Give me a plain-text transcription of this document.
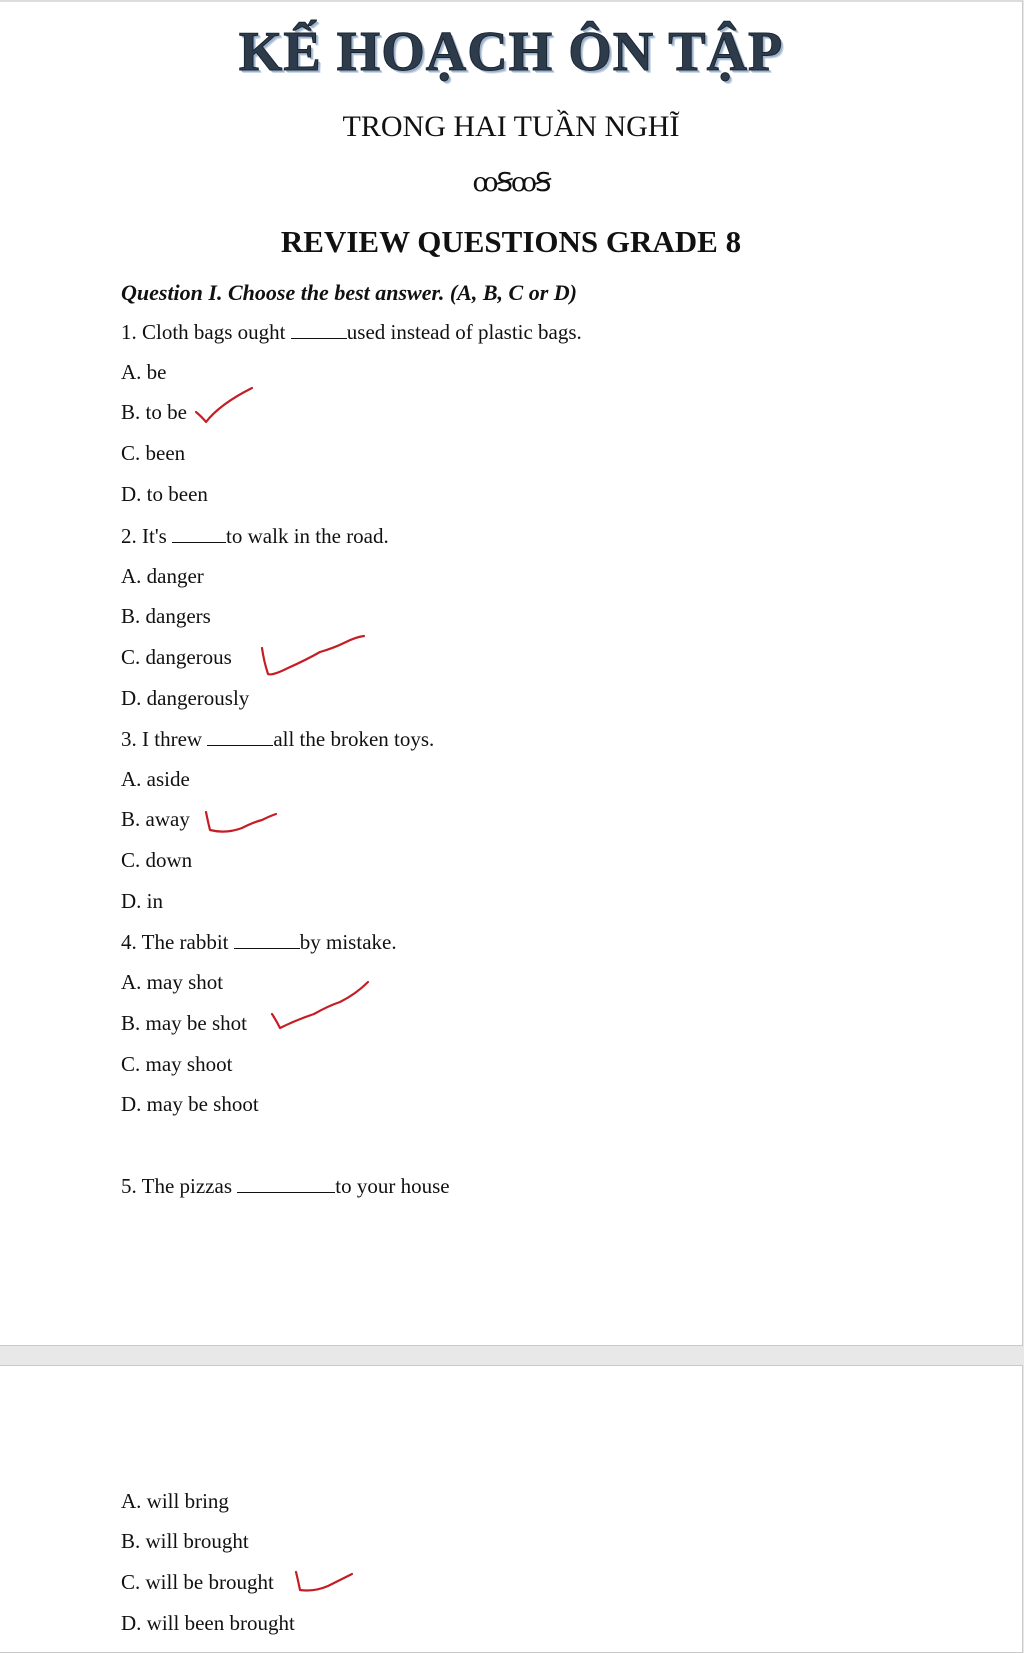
KẾ HOẠCH ÔN TẬP

TRONG HAI TUẦN NGHĨ

ꝏꞨꝏꞨ
REVIEW QUESTIONS GRADE 8

Question I. Choose the best answer. (A, B, C or D)

1. Cloth bags ought	used instead of plastic bags.

A. be

B. to be

C. been

D. to been

2. It's	to walk in the road.

A. danger

B. dangers

C. dangerous

D. dangerously

3. I threw	all the broken toys.

A. aside

B. away

C. down

D. in

4. The rabbit	by mistake.

A. may shot

B. may be shot

C. may shoot

D. may be shoot

5. The pizzas	to your house

A. will bring

B. will brought

C. will be brought

D. will been brought
